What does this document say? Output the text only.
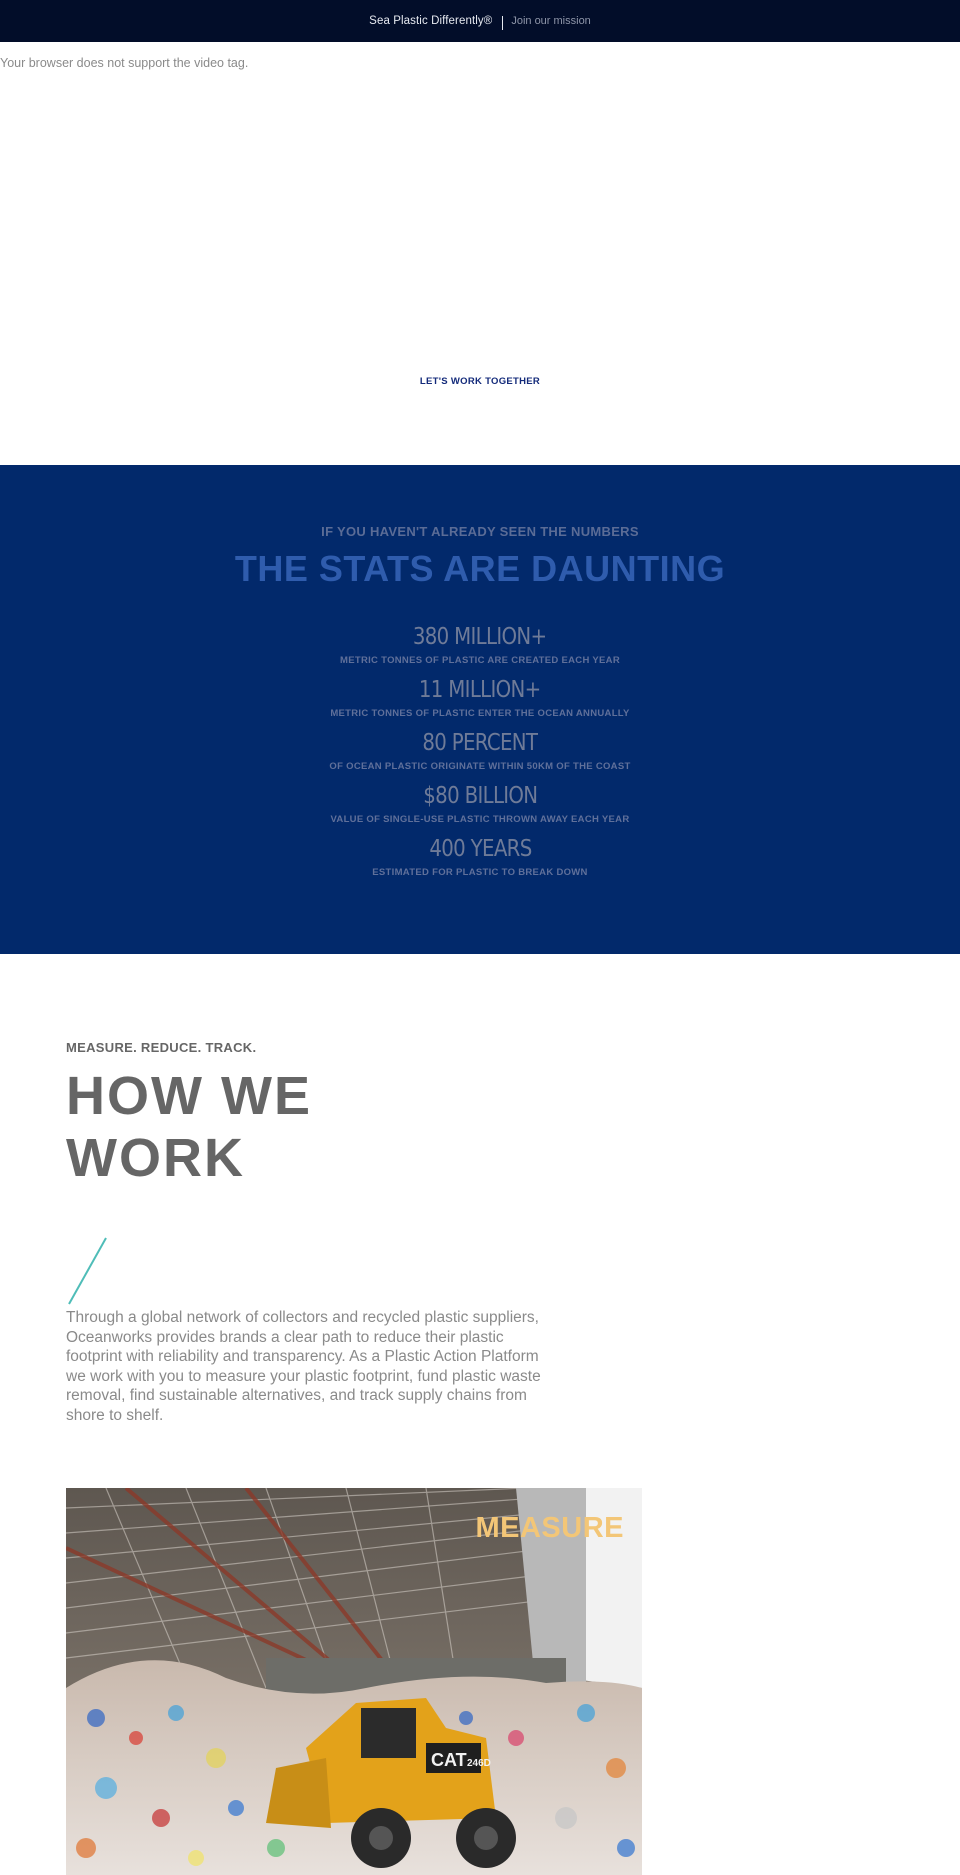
Sea Plastic Differently® Join our mission

Your browser does not support the video tag.

LET'S WORK TOGETHER
IF YOU HAVEN'T ALREADY SEEN THE NUMBERS
THE STATS ARE DAUNTING
380 MILLION+
METRIC TONNES OF PLASTIC ARE CREATED EACH YEAR
11 MILLION+
METRIC TONNES OF PLASTIC ENTER THE OCEAN ANNUALLY
80 PERCENT
OF OCEAN PLASTIC ORIGINATE WITHIN 50KM OF THE COAST
$80 BILLION
VALUE OF SINGLE-USE PLASTIC THROWN AWAY EACH YEAR
400 YEARS
ESTIMATED FOR PLASTIC TO BREAK DOWN
MEASURE. REDUCE. TRACK.
HOW WE
WORK

Through a global network of collectors and recycled plastic suppliers, Oceanworks provides brands a clear path to reduce their plastic footprint with reliability and transparency. As a Plastic Action Platform we work with you to measure your plastic footprint, fund plastic waste removal, find sustainable alternatives, and track supply chains from shore to shelf.

CAT 246D
MEASURE
